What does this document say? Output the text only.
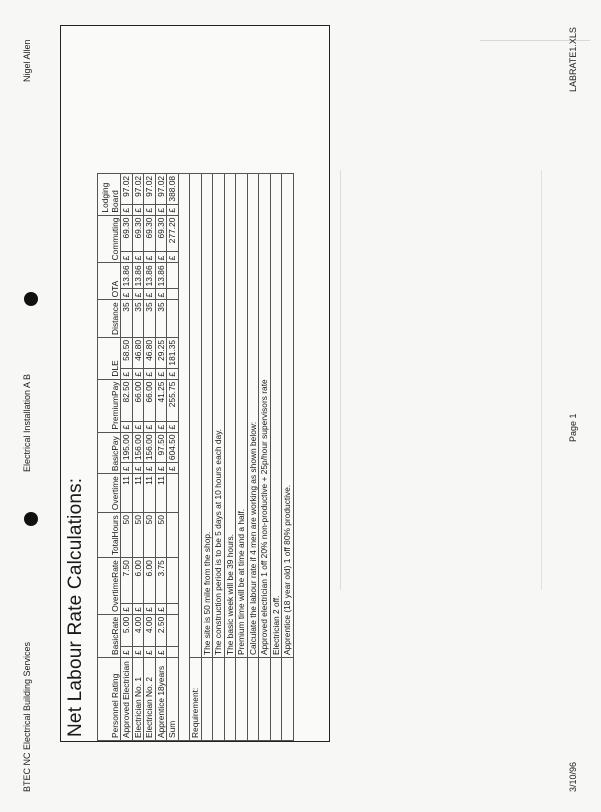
BTEC NC Electrical Building Services
Electrical Installation A B
Nigel Allen
Net Labour Rate Calculations:	Personnel Rating	BasicRate		OvertimeRate		TotalHours	Overtime	BasicPay		PremiumPay		DLE		Distance	OTA		Commuting		Lodging Board	
Approved Electrician	£	5.00	£	7.50	50	11	£	195.00	£	82.50	£	58.50	35	£	13.86	£	69.30	£	97.02
Electrician No. 1	£	4.00	£	6.00	50	11	£	156.00	£	66.00	£	46.80	35	£	13.86	£	69.30	£	97.02
Electrician No. 2	£	4.00	£	6.00	50	11	£	156.00	£	66.00	£	46.80	35	£	13.86	£	69.30	£	97.02
Apprentice 18years	£	2.50	£	3.75	50	11	£	97.50	£	41.25	£	29.25	35	£	13.86	£	69.30	£	97.02
Sum							£	604.50	£	255.75	£	181.35				£	277.20	£	388.08

Requirement:																			
	The site is 50 mile from the shop.																		
	The construction period is to be 5 days at 10 hours each day.																		
	The basic week will be 39 hours.																		
	Premium time will be at time and a half.																		
	Calculate the labour rate if 4 men are working as shown below:																		
	Approved electrician 1 off 20% non-productive + 25p/hour supervisors rate																		
	Electrician 2 off.																		
	Apprentice (18 year old) 1 off 80% productive.																		
3/10/96
Page 1
LABRATE1.XLS
